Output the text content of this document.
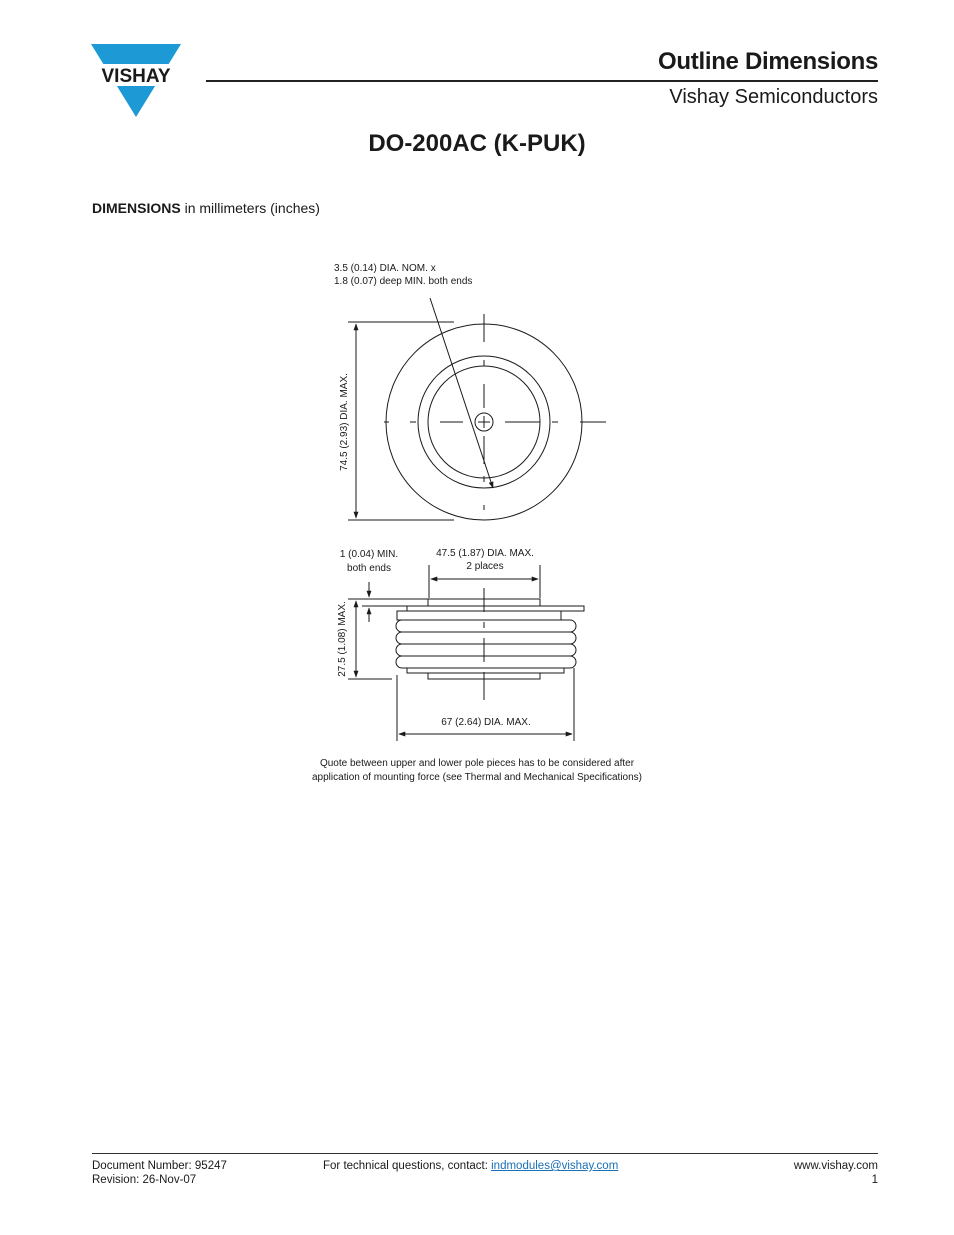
VISHAY
Outline Dimensions
Vishay Semiconductors
DO-200AC (K-PUK)
DIMENSIONS in millimeters (inches)
3.5 (0.14) DIA. NOM. x
1.8 (0.07) deep MIN. both ends
74.5 (2.93) DIA. MAX.
1 (0.04) MIN.
both ends
47.5 (1.87) DIA. MAX.
2 places
27.5 (1.08) MAX.
67 (2.64) DIA. MAX.
Quote between upper and lower pole pieces has to be considered after
application of mounting force (see Thermal and Mechanical Specifications)
Document Number: 95247
Revision: 26-Nov-07
For technical questions, contact: indmodules@vishay.com	www.vishay.com
1
